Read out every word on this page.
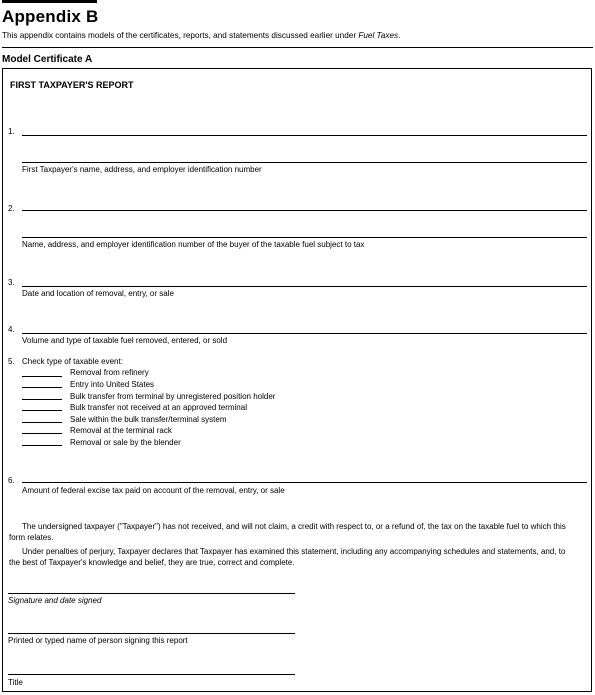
Appendix B
This appendix contains models of the certificates, reports, and statements discussed earlier under Fuel Taxes.
Model Certificate A
FIRST TAXPAYER'S REPORT
1.
First Taxpayer's name, address, and employer identification number
2.
Name, address, and employer identification number of the buyer of the taxable fuel subject to tax
3.
Date and location of removal, entry, or sale
4.
Volume and type of taxable fuel removed, entered, or sold
5. Check type of taxable event:
Removal from refinery
Entry into United States
Bulk transfer from terminal by unregistered position holder
Bulk transfer not received at an approved terminal
Sale within the bulk transfer/terminal system
Removal at the terminal rack
Removal or sale by the blender
6.
Amount of federal excise tax paid on account of the removal, entry, or sale
The undersigned taxpayer ("Taxpayer") has not received, and will not claim, a credit with respect to, or a refund of, the tax on the taxable fuel to which this form relates.
Under penalties of perjury, Taxpayer declares that Taxpayer has examined this statement, including any accompanying schedules and statements, and, to the best of Taxpayer's knowledge and belief, they are true, correct and complete.
Signature and date signed
Printed or typed name of person signing this report
Title
